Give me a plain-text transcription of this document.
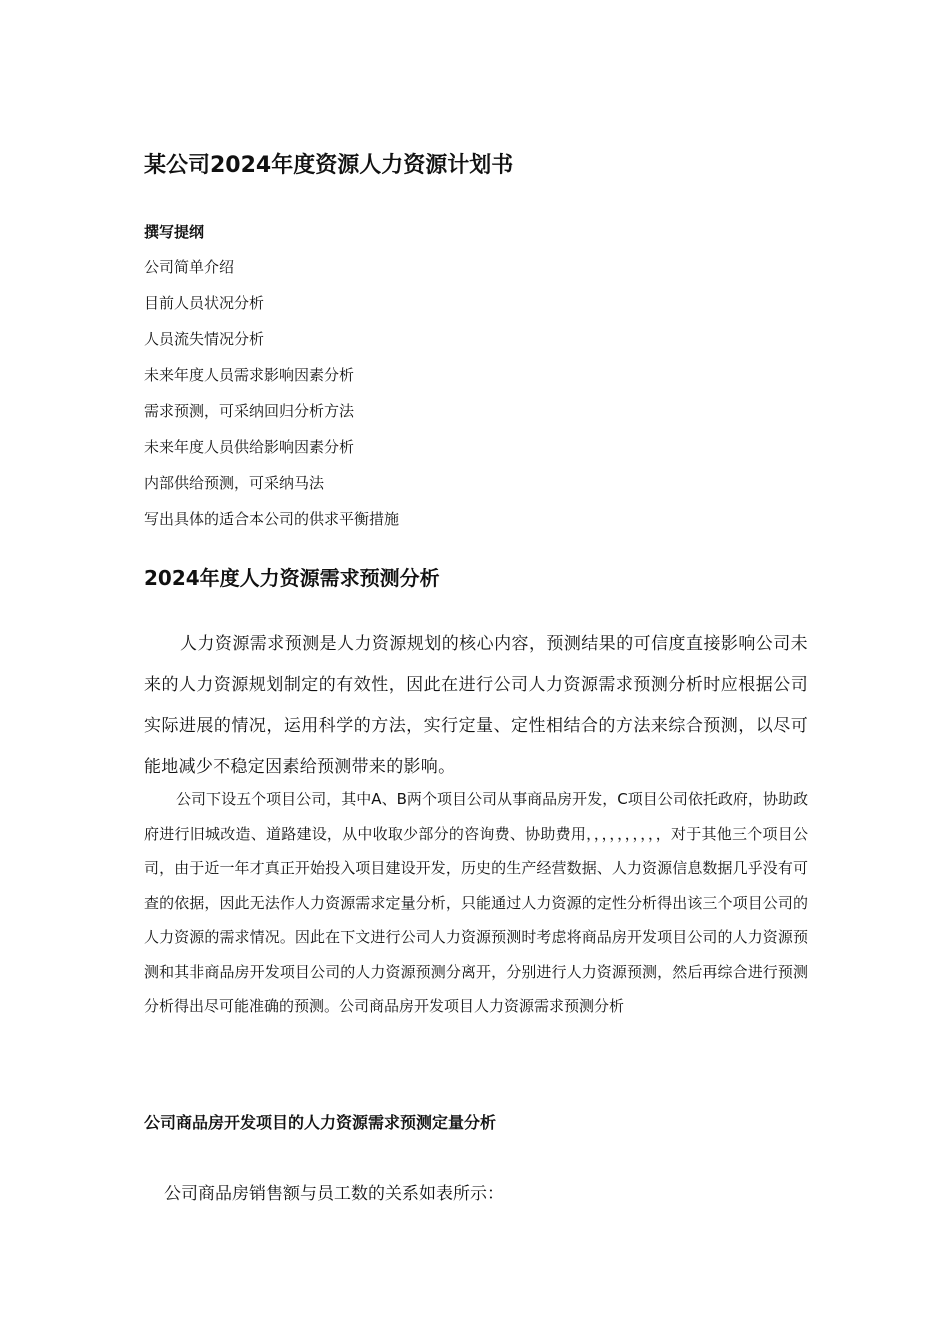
某公司2024年度资源人力资源计划书
撰写提纲
公司简单介绍
目前人员状况分析
人员流失情况分析
未来年度人员需求影响因素分析
需求预测，可采纳回归分析方法
未来年度人员供给影响因素分析
内部供给预测，可采纳马法
写出具体的适合本公司的供求平衡措施
2024年度人力资源需求预测分析

人力资源需求预测是人力资源规划的核心内容，预测结果的可信度直接影响公司未来的人力资源规划制定的有效性，因此在进行公司人力资源需求预测分析时应根据公司实际进展的情况，运用科学的方法，实行定量、定性相结合的方法来综合预测，以尽可能地减少不稳定因素给预测带来的影响。

公司下设五个项目公司，其中A、B两个项目公司从事商品房开发，C项目公司依托政府，协助政府进行旧城改造、道路建设，从中收取少部分的咨询费、协助费用，，，，，，，，，，对于其他三个项目公司，由于近一年才真正开始投入项目建设开发，历史的生产经营数据、人力资源信息数据几乎没有可查的依据，因此无法作人力资源需求定量分析，只能通过人力资源的定性分析得出该三个项目公司的人力资源的需求情况。因此在下文进行公司人力资源预测时考虑将商品房开发项目公司的人力资源预测和其非商品房开发项目公司的人力资源预测分离开，分别进行人力资源预测，然后再综合进行预测分析得出尽可能准确的预测。公司商品房开发项目人力资源需求预测分析

公司商品房开发项目的人力资源需求预测定量分析

公司商品房销售额与员工数的关系如表所示：
